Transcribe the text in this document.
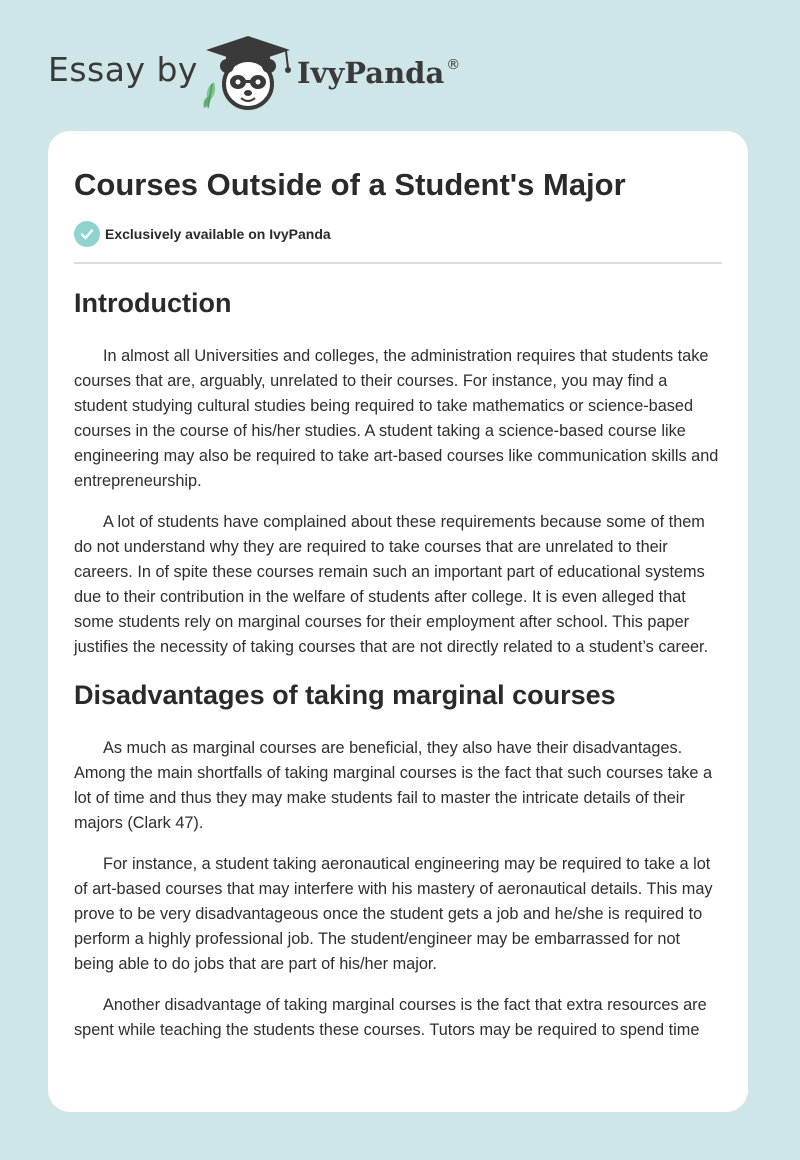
Essay by	IvyPanda ®
Courses Outside of a Student's Major
Exclusively available on IvyPanda
Introduction

In almost all Universities and colleges, the administration requires that students take courses that are, arguably, unrelated to their courses. For instance, you may find a student studying cultural studies being required to take mathematics or science-based courses in the course of his/her studies. A student taking a science-based course like engineering may also be required to take art-based courses like communication skills and entrepreneurship.

A lot of students have complained about these requirements because some of them do not understand why they are required to take courses that are unrelated to their careers. In of spite these courses remain such an important part of educational systems due to their contribution in the welfare of students after college. It is even alleged that some students rely on marginal courses for their employment after school. This paper justifies the necessity of taking courses that are not directly related to a student’s career.

Disadvantages of taking marginal courses

As much as marginal courses are beneficial, they also have their disadvantages. Among the main shortfalls of taking marginal courses is the fact that such courses take a lot of time and thus they may make students fail to master the intricate details of their majors (Clark 47).

For instance, a student taking aeronautical engineering may be required to take a lot of art-based courses that may interfere with his mastery of aeronautical details. This may prove to be very disadvantageous once the student gets a job and he/she is required to perform a highly professional job. The student/engineer may be embarrassed for not being able to do jobs that are part of his/her major.

Another disadvantage of taking marginal courses is the fact that extra resources are spent while teaching the students these courses. Tutors may be required to spend time
